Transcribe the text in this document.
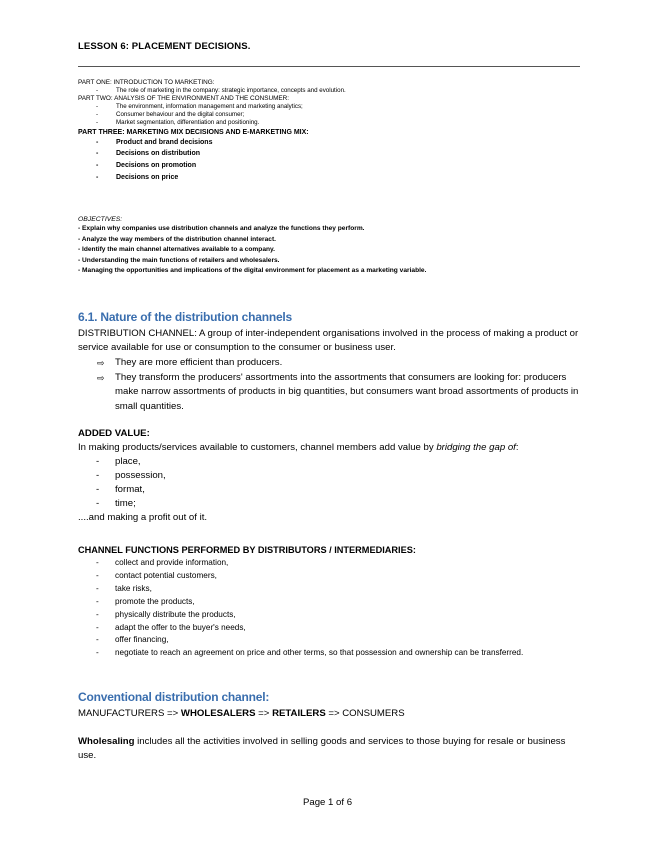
LESSON 6: PLACEMENT DECISIONS.
PART ONE: INTRODUCTION TO MARKETING:
-	The role of marketing in the company: strategic importance, concepts and evolution.
PART TWO: ANALYSIS OF THE ENVIRONMENT AND THE CONSUMER:
-	The environment, information management and marketing analytics;
-	Consumer behaviour and the digital consumer;
-	Market segmentation, differentiation and positioning.
PART THREE: MARKETING MIX DECISIONS AND E-MARKETING MIX:
-	Product and brand decisions
-	Decisions on distribution
-	Decisions on promotion
-	Decisions on price
OBJECTIVES:
- Explain why companies use distribution channels and analyze the functions they perform.
- Analyze the way members of the distribution channel interact.
- Identify the main channel alternatives available to a company.
- Understanding the main functions of retailers and wholesalers.
- Managing the opportunities and implications of the digital environment for placement as a marketing variable.
6.1. Nature of the distribution channels

DISTRIBUTION CHANNEL: A group of inter-independent organisations involved in the process of making a product or service available for use or consumption to the consumer or business user.

⇨	They are more efficient than producers.
⇨	They transform the producers' assortments into the assortments that consumers are looking for: producers make narrow assortments of products in big quantities, but consumers want broad assortments of products in small quantities.

ADDED VALUE:

In making products/services available to customers, channel members add value by bridging the gap of:

-	place,
-	possession,
-	format,
-	time;

....and making a profit out of it.

CHANNEL FUNCTIONS PERFORMED BY DISTRIBUTORS / INTERMEDIARIES:

-	collect and provide information,
-	contact potential customers,
-	take risks,
-	promote the products,
-	physically distribute the products,
-	adapt the offer to the buyer's needs,
-	offer financing,
-	negotiate to reach an agreement on price and other terms, so that possession and ownership can be transferred.
Conventional distribution channel:

MANUFACTURERS => WHOLESALERS => RETAILERS => CONSUMERS

Wholesaling includes all the activities involved in selling goods and services to those buying for resale or business use.

Page 1 of 6
